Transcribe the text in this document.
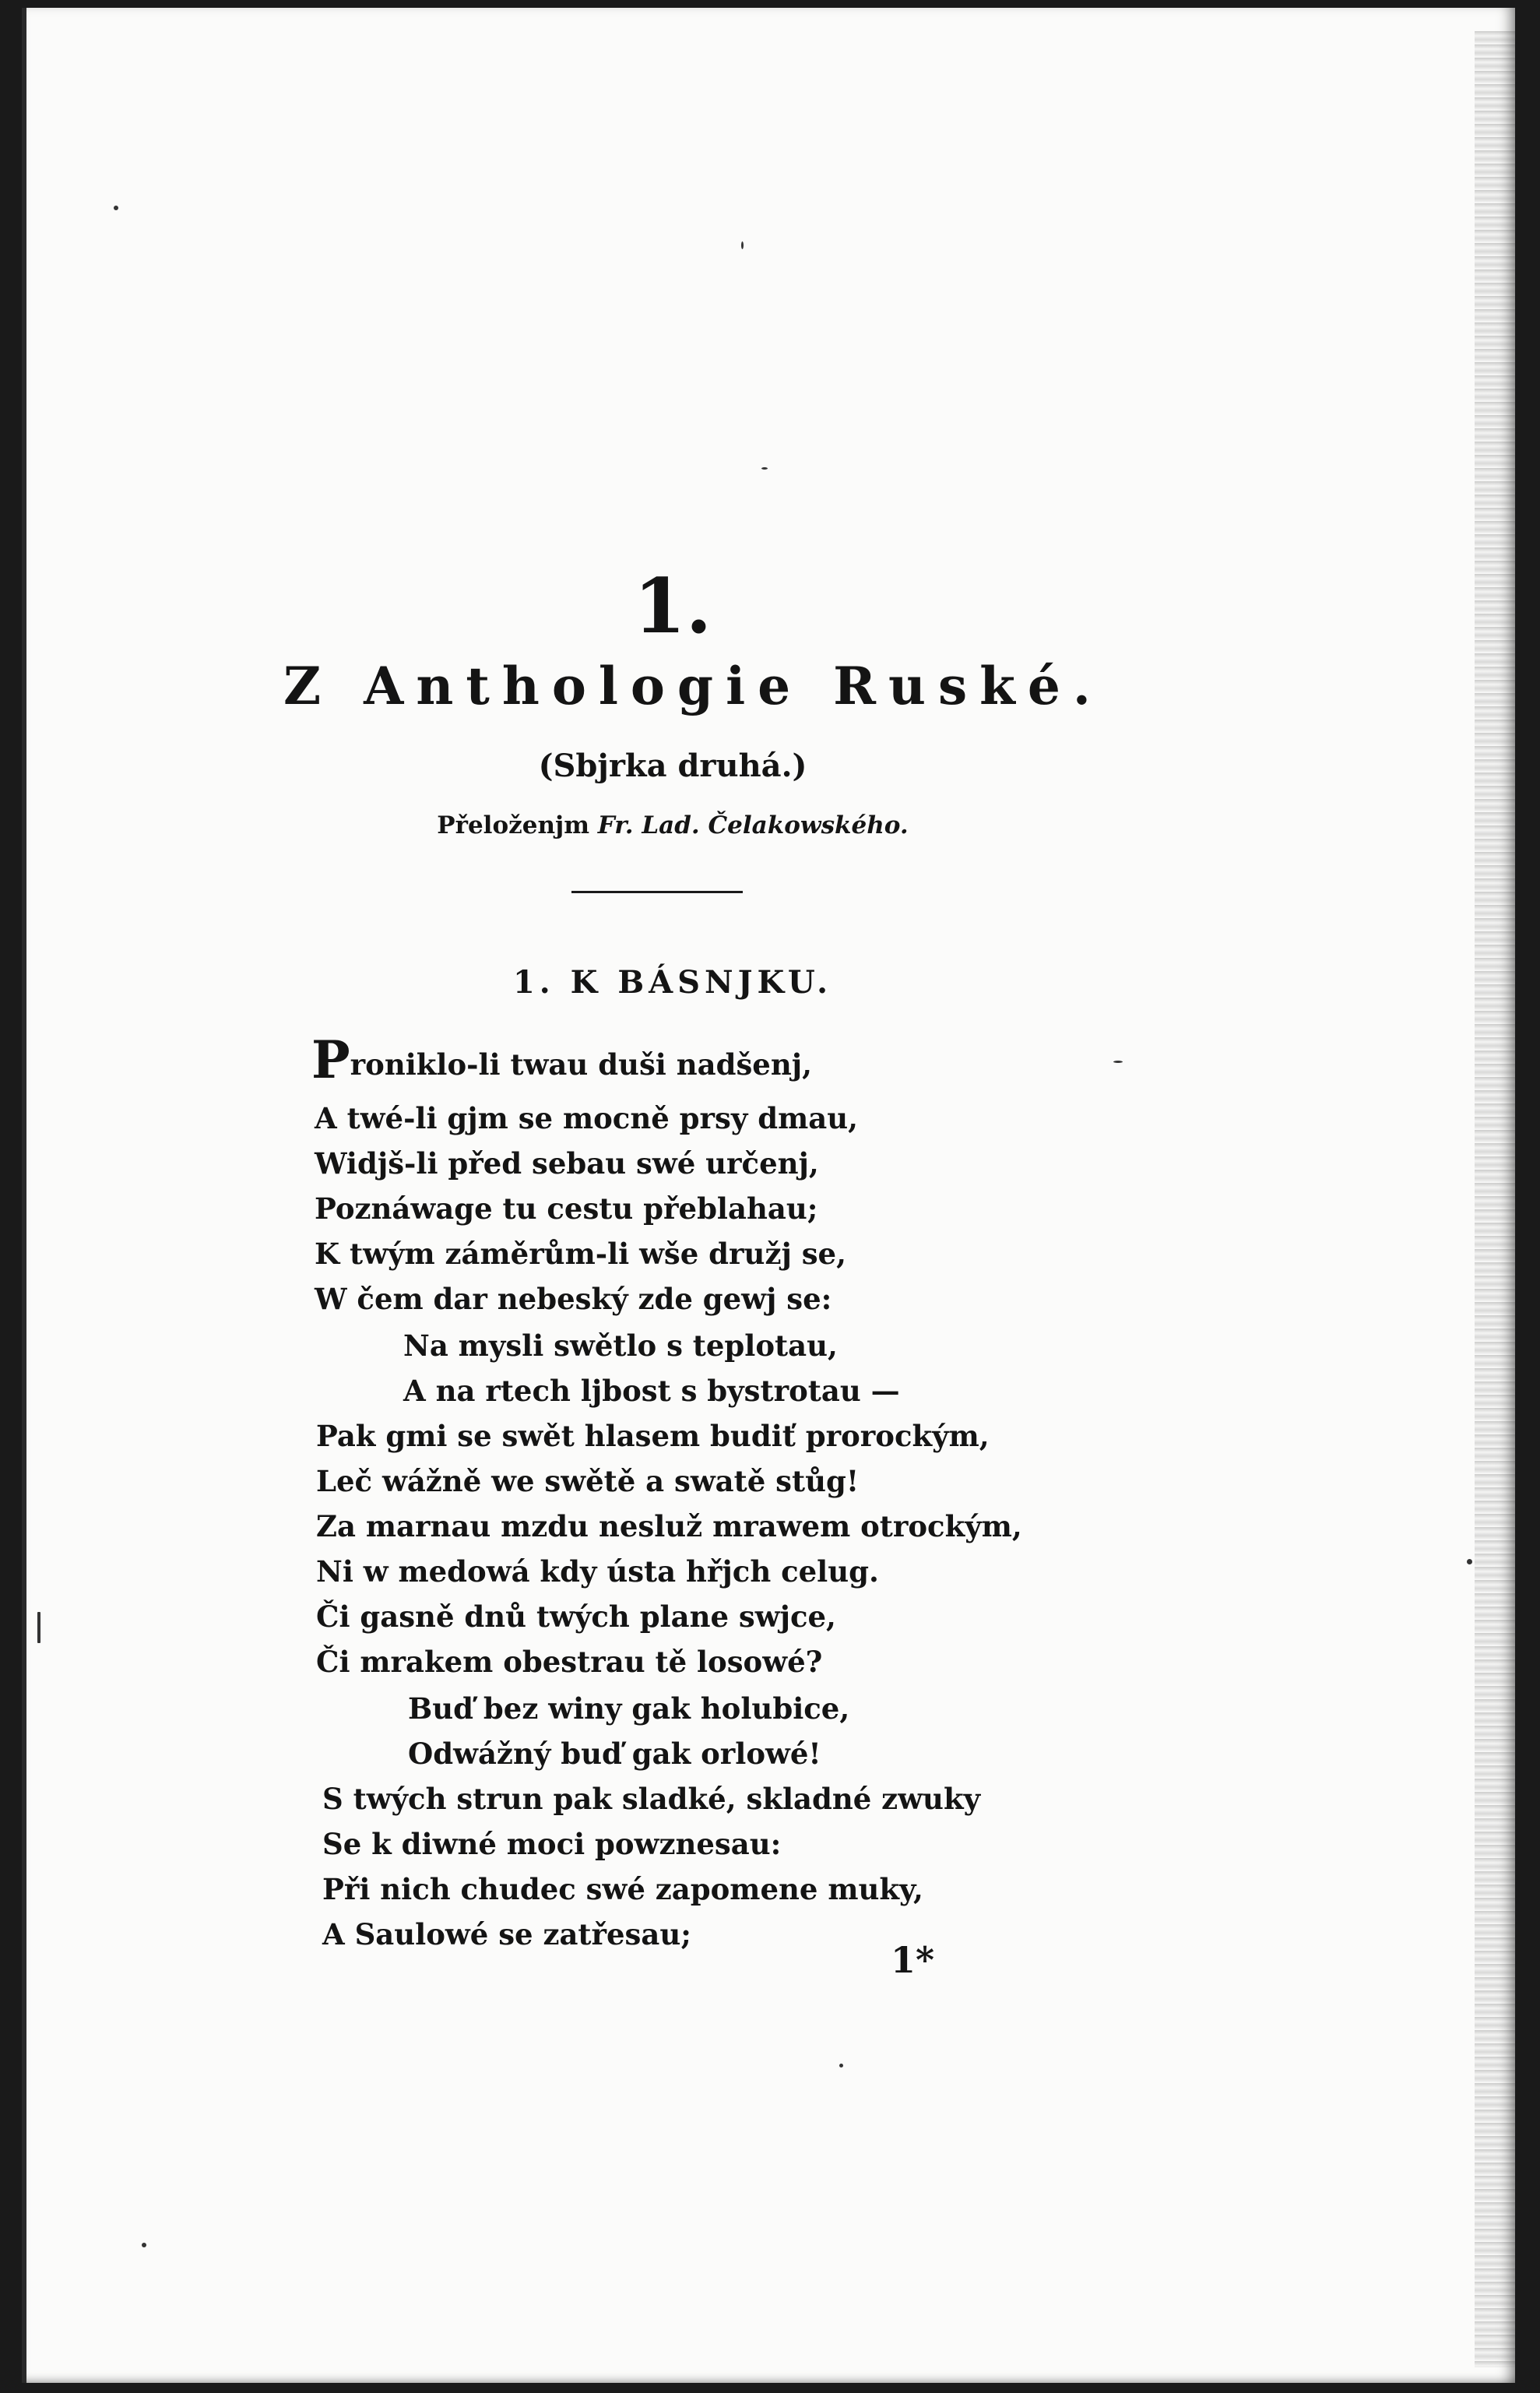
1.
Z Anthologie Ruské.
(Sbjrka druhá.)
Přeloženjm Fr. Lad. Čelakowského.
1. K BÁSNJKU.
Proniklo-li twau duši nadšenj,
A twé-li gjm se mocně prsy dmau,
Widjš-li před sebau swé určenj,
Poznáwage tu cestu přeblahau;
K twým záměrům-li wše družj se,
W čem dar nebeský zde gewj se:
Na mysli swětlo s teplotau,
A na rtech ljbost s bystrotau —
Pak gmi se swět hlasem budiť prorockým,
Leč wážně we swětě a swatě stůg!
Za marnau mzdu nesluž mrawem otrockým,
Ni w medowá kdy ústa hřjch celug.
Či gasně dnů twých plane swjce,
Či mrakem obestrau tě losowé?
Buď bez winy gak holubice,
Odwážný buď gak orlowé!
S twých strun pak sladké, skladné zwuky
Se k diwné moci powznesau:
Při nich chudec swé zapomene muky,
A Saulowé se zatřesau;
1*
